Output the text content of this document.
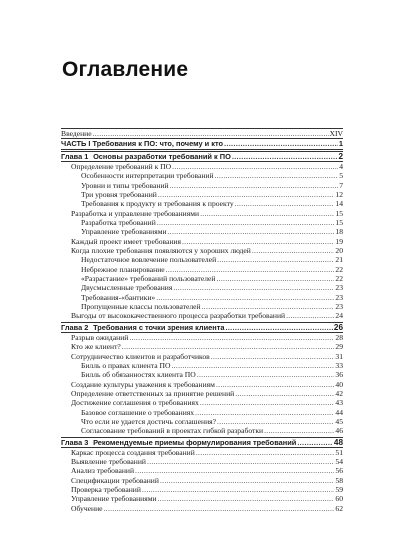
Оглавление
Введение .....	XIV
ЧАСТЬ I Требования к ПО: что, почему и кто .....	1
Глава 1 Основы разработки требований к ПО .....	2
Определение требований к ПО .....	4
Особенности интерпретации требований .....	5
Уровни и типы требований .....	7
Три уровня требований .....	12
Требования к продукту и требования к проекту .....	14
Разработка и управление требованиями .....	15
Разработка требований .....	15
Управление требованиями .....	18
Каждый проект имеет требования .....	19
Когда плохие требования появляются у хороших людей .....	20
Недостаточное вовлечение пользователей .....	21
Небрежное планирование .....	22
«Разрастание» требований пользователей .....	22
Двусмысленные требования .....	23
Требования-«бантики» .....	23
Пропущенные классы пользователей .....	23
Выгоды от высококачественного процесса разработки требований .....	24
Глава 2 Требования с точки зрения клиента .....	26
Разрыв ожиданий .....	28
Кто же клиент? .....	29
Сотрудничество клиентов и разработчиков .....	31
Билль о правах клиента ПО .....	33
Билль об обязанностях клиента ПО .....	36
Создание культуры уважения к требованиям .....	40
Определение ответственных за принятие решений .....	42
Достижение соглашения о требованиях .....	43
Базовое соглашение о требованиях .....	44
Что если не удается достичь соглашения? .....	45
Согласование требований в проектах гибкой разработки .....	46
Глава 3 Рекомендуемые приемы формулирования требований .....	48
Каркас процесса создания требований .....	51
Выявление требований .....	54
Анализ требований .....	56
Спецификации требований .....	58
Проверка требований .....	59
Управление требованиями .....	60
Обучение .....	62
